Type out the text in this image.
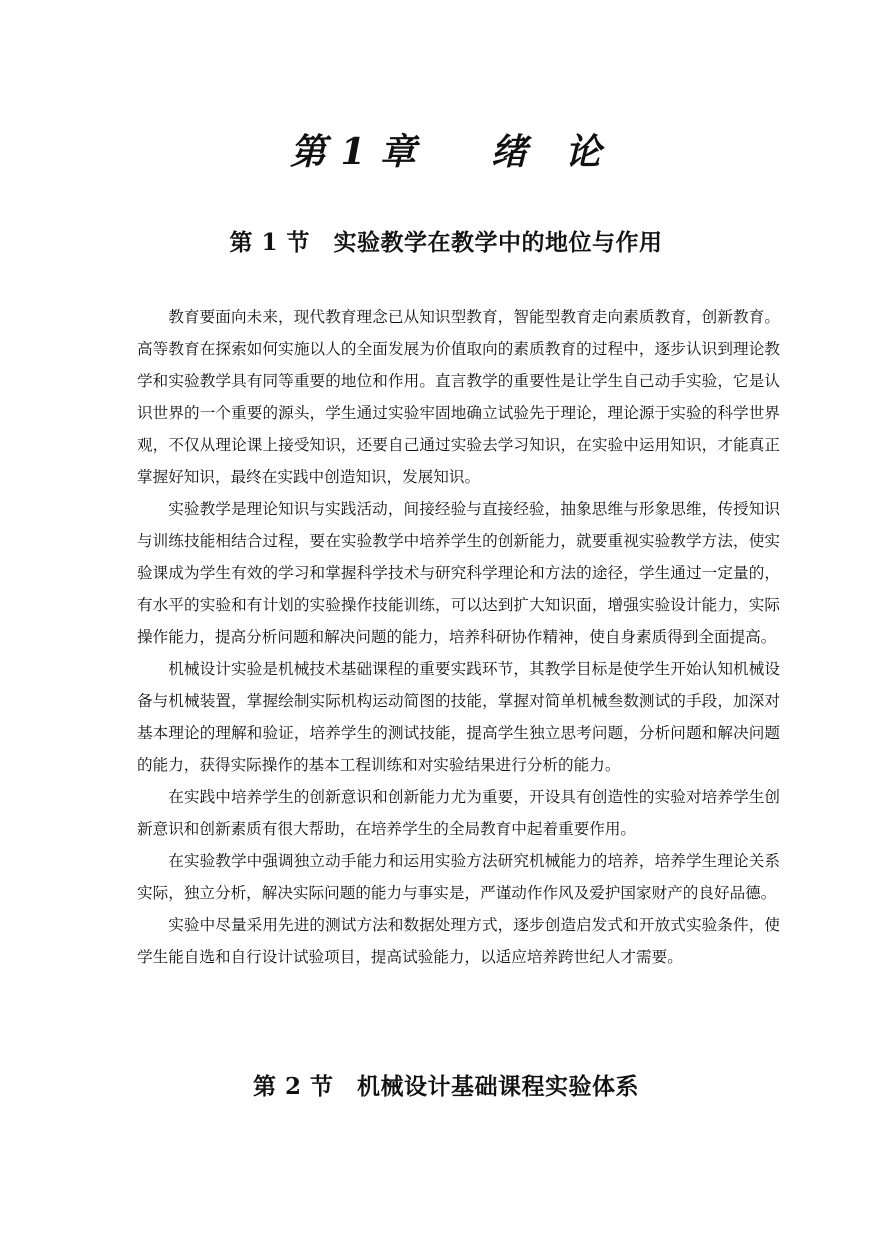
第 1 章　　绪　论
第 1 节　实验教学在教学中的地位与作用

教育要面向未来，现代教育理念已从知识型教育，智能型教育走向素质教育，创新教育。高等教育在探索如何实施以人的全面发展为价值取向的素质教育的过程中，逐步认识到理论教学和实验教学具有同等重要的地位和作用。直言教学的重要性是让学生自己动手实验，它是认识世界的一个重要的源头，学生通过实验牢固地确立试验先于理论，理论源于实验的科学世界观，不仅从理论课上接受知识，还要自己通过实验去学习知识，在实验中运用知识，才能真正掌握好知识，最终在实践中创造知识，发展知识。

实验教学是理论知识与实践活动，间接经验与直接经验，抽象思维与形象思维，传授知识与训练技能相结合过程，要在实验教学中培养学生的创新能力，就要重视实验教学方法，使实验课成为学生有效的学习和掌握科学技术与研究科学理论和方法的途径，学生通过一定量的，有水平的实验和有计划的实验操作技能训练，可以达到扩大知识面，增强实验设计能力，实际操作能力，提高分析问题和解决问题的能力，培养科研协作精神，使自身素质得到全面提高。

机械设计实验是机械技术基础课程的重要实践环节，其教学目标是使学生开始认知机械设备与机械装置，掌握绘制实际机构运动简图的技能，掌握对简单机械叁数测试的手段，加深对基本理论的理解和验证，培养学生的测试技能，提高学生独立思考问题，分析问题和解决问题的能力，获得实际操作的基本工程训练和对实验结果进行分析的能力。

在实践中培养学生的创新意识和创新能力尤为重要，开设具有创造性的实验对培养学生创新意识和创新素质有很大帮助，在培养学生的全局教育中起着重要作用。

在实验教学中强调独立动手能力和运用实验方法研究机械能力的培养，培养学生理论关系实际，独立分析，解决实际问题的能力与事实是，严谨动作作风及爱护国家财产的良好品德。

实验中尽量采用先进的测试方法和数据处理方式，逐步创造启发式和开放式实验条件，使学生能自选和自行设计试验项目，提高试验能力，以适应培养跨世纪人才需要。

第 2 节　机械设计基础课程实验体系
